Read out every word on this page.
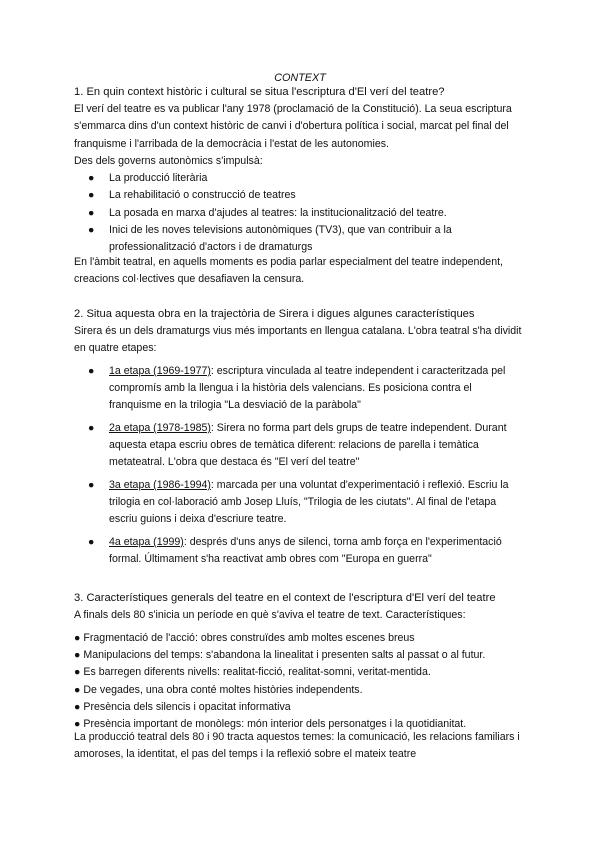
CONTEXT

1. En quin context històric i cultural se situa l'escriptura d'El verí del teatre?

El verí del teatre es va publicar l'any 1978 (proclamació de la Constitució). La seua escriptura s'emmarca dins d'un context històric de canvi i d'obertura política i social, marcat pel final del franquisme i l'arribada de la democràcia i l'estat de les autonomies.

Des dels governs autonòmics s'impulsà:

● La producció literària
● La rehabilitació o construcció de teatres
● La posada en marxa d'ajudes al teatres: la institucionalització del teatre.
● Inici de les noves televisions autonòmiques (TV3), que van contribuir a la professionalització d'actors i de dramaturgs

En l'àmbit teatral, en aquells moments es podia parlar especialment del teatre independent, creacions col·lectives que desafiaven la censura.

2. Situa aquesta obra en la trajectòria de Sirera i digues algunes característiques

Sirera és un dels dramaturgs vius més importants en llengua catalana. L'obra teatral s'ha dividit en quatre etapes:

● 1a etapa (1969-1977): escriptura vinculada al teatre independent i caracteritzada pel compromís amb la llengua i la història dels valencians. Es posiciona contra el franquisme en la trilogia "La desviació de la paràbola"
● 2a etapa (1978-1985): Sirera no forma part dels grups de teatre independent. Durant aquesta etapa escriu obres de temàtica diferent: relacions de parella i temàtica metateatral. L'obra que destaca és "El verí del teatre"
● 3a etapa (1986-1994): marcada per una voluntat d'experimentació i reflexió. Escriu la trilogia en col·laboració amb Josep Lluís, "Trilogia de les ciutats". Al final de l'etapa escriu guions i deixa d'escriure teatre.
● 4a etapa (1999): després d'uns anys de silenci, torna amb força en l'experimentació formal. Últimament s'ha reactivat amb obres com "Europa en guerra"

3. Característiques generals del teatre en el context de l'escriptura d'El verí del teatre

A finals dels 80 s'inicia un període en què s'aviva el teatre de text. Característiques:

● Fragmentació de l'acció: obres construïdes amb moltes escenes breus
● Manipulacions del temps: s'abandona la linealitat i presenten salts al passat o al futur.
● Es barregen diferents nivells: realitat-ficció, realitat-somni, veritat-mentida.
● De vegades, una obra conté moltes històries independents.
● Presència dels silencis i opacitat informativa
● Presència important de monòlegs: món interior dels personatges i la quotidianitat.

La producció teatral dels 80 i 90 tracta aquestos temes: la comunicació, les relacions familiars i amoroses, la identitat, el pas del temps i la reflexió sobre el mateix teatre
